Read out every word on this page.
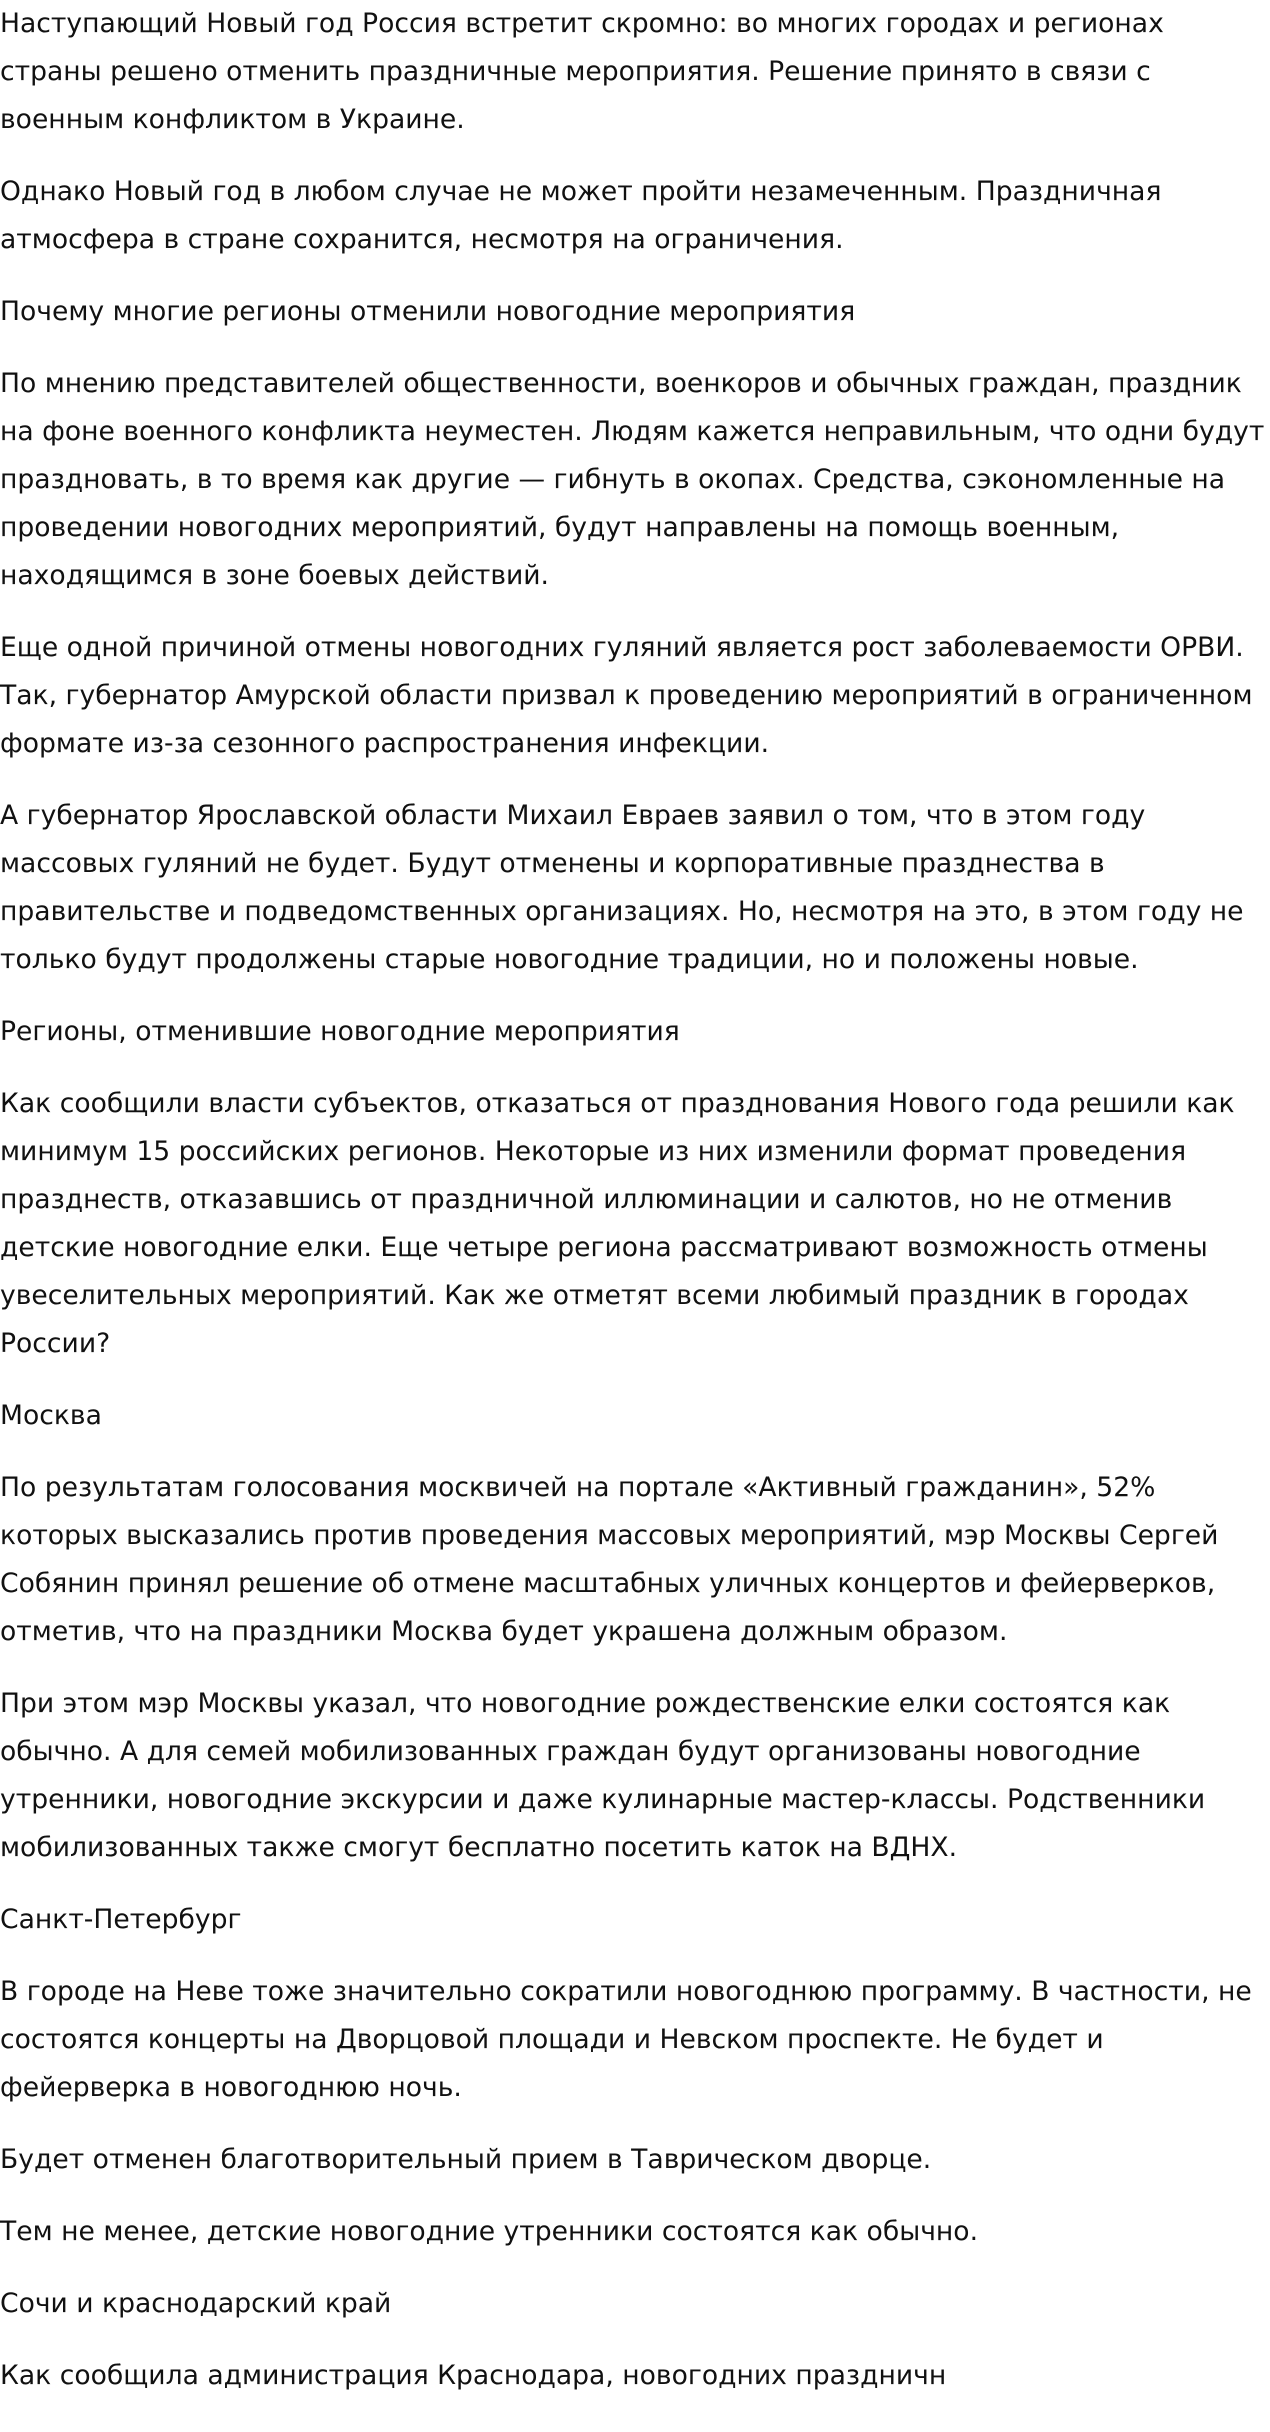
Наступающий Новый год Россия встретит скромно: во многих городах и регионах страны решено отменить праздничные мероприятия. Решение принято в связи с военным конфликтом в Украине.

Однако Новый год в любом случае не может пройти незамеченным. Праздничная атмосфера в стране сохранится, несмотря на ограничения.

Почему многие регионы отменили новогодние мероприятия

По мнению представителей общественности, военкоров и обычных граждан, праздник на фоне военного конфликта неуместен. Людям кажется неправильным, что одни будут праздновать, в то время как другие — гибнуть в окопах. Средства, сэкономленные на проведении новогодних мероприятий, будут направлены на помощь военным, находящимся в зоне боевых действий.

Еще одной причиной отмены новогодних гуляний является рост заболеваемости ОРВИ. Так, губернатор Амурской области призвал к проведению мероприятий в ограниченном формате из-за сезонного распространения инфекции.

А губернатор Ярославской области Михаил Евраев заявил о том, что в этом году массовых гуляний не будет. Будут отменены и корпоративные празднества в правительстве и подведомственных организациях. Но, несмотря на это, в этом году не только будут продолжены старые новогодние традиции, но и положены новые.

Регионы, отменившие новогодние мероприятия

Как сообщили власти субъектов, отказаться от празднования Нового года решили как минимум 15 российских регионов. Некоторые из них изменили формат проведения празднеств, отказавшись от праздничной иллюминации и салютов, но не отменив детские новогодние елки. Еще четыре региона рассматривают возможность отмены увеселительных мероприятий. Как же отметят всеми любимый праздник в городах России?

Москва

По результатам голосования москвичей на портале «Активный гражданин», 52% которых высказались против проведения массовых мероприятий, мэр Москвы Сергей Собянин принял решение об отмене масштабных уличных концертов и фейерверков, отметив, что на праздники Москва будет украшена должным образом.

При этом мэр Москвы указал, что новогодние рождественские елки состоятся как обычно. А для семей мобилизованных граждан будут организованы новогодние утренники, новогодние экскурсии и даже кулинарные мастер-классы. Родственники мобилизованных также смогут бесплатно посетить каток на ВДНХ.

Санкт-Петербург

В городе на Неве тоже значительно сократили новогоднюю программу. В частности, не состоятся концерты на Дворцовой площади и Невском проспекте. Не будет и фейерверка в новогоднюю ночь.

Будет отменен благотворительный прием в Таврическом дворце.

Тем не менее, детские новогодние утренники состоятся как обычно.

Сочи и краснодарский край

Как сообщила администрация Краснодара, новогодних праздничн
